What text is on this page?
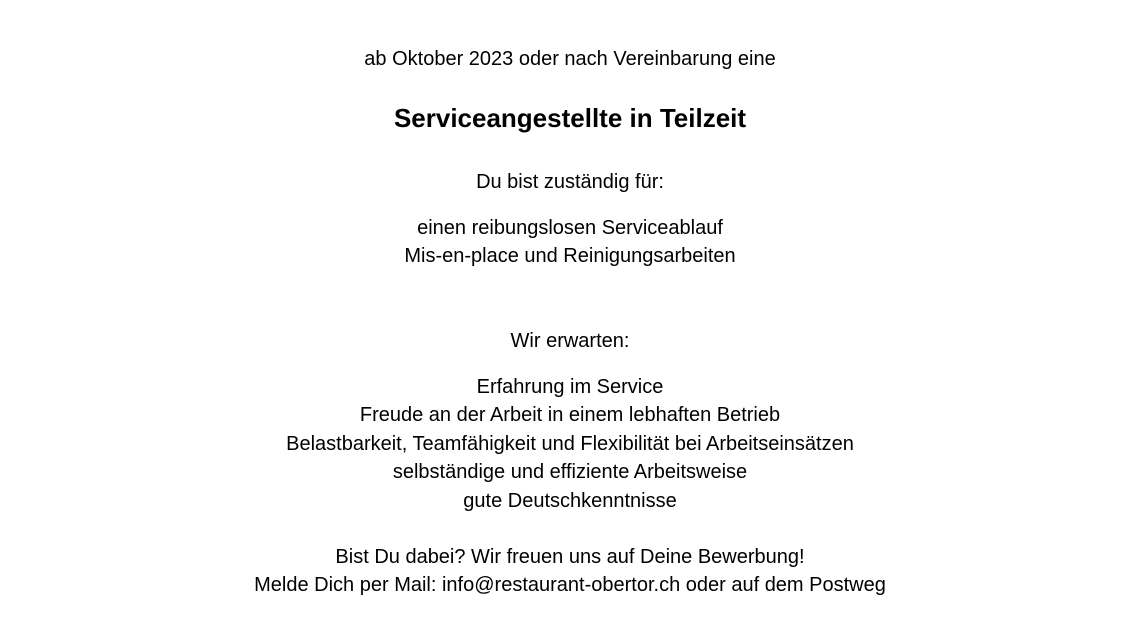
ab Oktober 2023 oder nach Vereinbarung eine
Serviceangestellte in Teilzeit
Du bist zuständig für:
einen reibungslosen Serviceablauf
Mis-en-place und Reinigungsarbeiten
Wir erwarten:
Erfahrung im Service
Freude an der Arbeit in einem lebhaften Betrieb
Belastbarkeit, Teamfähigkeit und Flexibilität bei Arbeitseinsätzen
selbständige und effiziente Arbeitsweise
gute Deutschkenntnisse
Bist Du dabei? Wir freuen uns auf Deine Bewerbung!
Melde Dich per Mail: info@restaurant-obertor.ch oder auf dem Postweg
